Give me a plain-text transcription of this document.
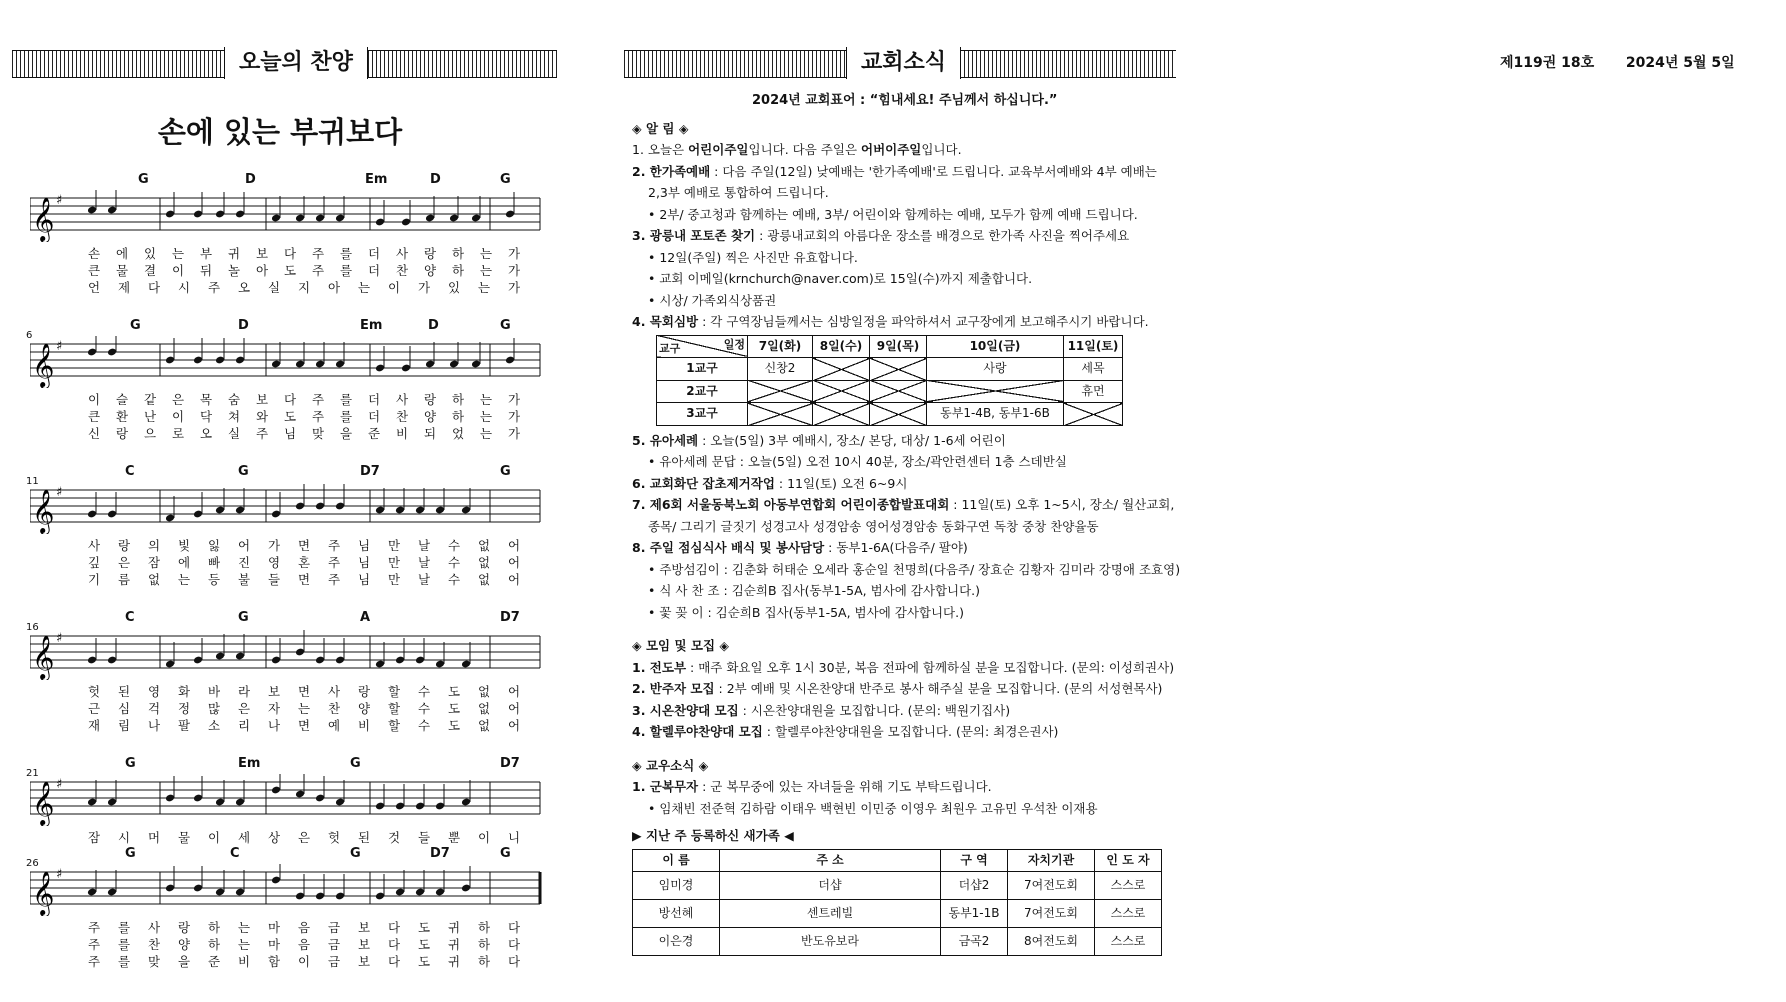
제119권 18호 2024년 5월 5일
오늘의 찬양	교회소식
손에 있는 부귀보다
G	D	Em	D	G
𝄞 ♯
손 에 있 는 부 귀 보 다 주 를 더 사 랑 하 는 가
큰 물 결 이 뒤 놀 아 도 주 를 더 찬 양 하 는 가
언 제 다 시 주 오 실 지 아 는 이 가 있 는 가
G	D	Em	D	G
6
𝄞 ♯
이 슬 같 은 목 숨 보 다 주 를 더 사 랑 하 는 가
큰 환 난 이 닥 쳐 와 도 주 를 더 찬 양 하 는 가
신 랑 으 로 오 실 주 님 맞 을 준 비 되 었 는 가
C	G	D7	G
11
𝄞 ♯
사 랑 의 빛 잃 어 가 면 주 님 만 날 수 없 어
깊 은 잠 에 빠 진 영 혼 주 님 만 날 수 없 어
기 름 없 는 등 불 들 면 주 님 만 날 수 없 어
C	G	A	D7
16
𝄞 ♯
헛 된 영 화 바 라 보 면 사 랑 할 수 도 없 어
근 심 걱 정 많 은 자 는 찬 양 할 수 도 없 어
재 림 나 팔 소 리 나 면 예 비 할 수 도 없 어
G	Em	G	D7
21
𝄞 ♯
잠 시 머 물 이 세 상 은 헛 된 것 들 뿐 이 니
G	C	G	D7	G
26
𝄞 ♯
주 를 사 랑 하 는 마 음 금 보 다 도 귀 하 다
주 를 찬 양 하 는 마 음 금 보 다 도 귀 하 다
주 를 맞 을 준 비 함 이 금 보 다 도 귀 하 다
2024년 교회표어 : “힘내세요! 주님께서 하십니다.”
◈ 알 림 ◈
1. 오늘은 어린이주일입니다. 다음 주일은 어버이주일입니다.
2. 한가족예배 : 다음 주일(12일) 낮예배는 '한가족예배'로 드립니다. 교육부서예배와 4부 예배는
2,3부 예배로 통합하여 드립니다.
• 2부/ 중고청과 함께하는 예배, 3부/ 어린이와 함께하는 예배, 모두가 함께 예배 드립니다.
3. 광릉내 포토존 찾기 : 광릉내교회의 아름다운 장소를 배경으로 한가족 사진을 찍어주세요
• 12일(주일) 찍은 사진만 유효합니다.
• 교회 이메일(krnchurch@naver.com)로 15일(수)까지 제출합니다.
• 시상/ 가족외식상품권
4. 목회심방 : 각 구역장님들께서는 심방일정을 파악하셔서 교구장에게 보고해주시기 바랍니다.
일정
교구	7일(화)	8일(수)	9일(목)	10일(금)	11일(토)
1교구	신창2			사랑	세목
2교구					휴먼
3교구				동부1-4B, 동부1-6B	
5. 유아세례 : 오늘(5일) 3부 예배시, 장소/ 본당, 대상/ 1-6세 어린이
• 유아세례 문답 : 오늘(5일) 오전 10시 40분, 장소/곽안련센터 1층 스데반실
6. 교회화단 잡초제거작업 : 11일(토) 오전 6~9시
7. 제6회 서울동북노회 아동부연합회 어린이종합발표대회 : 11일(토) 오후 1~5시, 장소/ 월산교회,
종목/ 그리기 글짓기 성경고사 성경암송 영어성경암송 동화구연 독창 중창 찬양율동
8. 주일 점심식사 배식 및 봉사담당 : 동부1-6A(다음주/ 팔야)
• 주방섬김이 : 김춘화 허태순 오세라 홍순일 천명희(다음주/ 장효순 김황자 김미라 강명애 조효영)
• 식 사 찬 조 : 김순희B 집사(동부1-5A, 범사에 감사합니다.)
• 꽃 꽂 이 : 김순희B 집사(동부1-5A, 범사에 감사합니다.)
◈ 모임 및 모집 ◈
1. 전도부 : 매주 화요일 오후 1시 30분, 복음 전파에 함께하실 분을 모집합니다. (문의: 이성희권사)
2. 반주자 모집 : 2부 예배 및 시온찬양대 반주로 봉사 해주실 분을 모집합니다. (문의 서성현목사)
3. 시온찬양대 모집 : 시온찬양대원을 모집합니다. (문의: 백원기집사)
4. 할렐루야찬양대 모집 : 할렐루야찬양대원을 모집합니다. (문의: 최경은권사)
◈ 교우소식 ◈
1. 군복무자 : 군 복무중에 있는 자녀들을 위해 기도 부탁드립니다.
• 임채빈 전준혁 김하람 이태우 백현빈 이민중 이영우 최원우 고유민 우석찬 이재용
▶ 지난 주 등록하신 새가족 ◀
이 름	주 소	구 역	자치기관	인 도 자
임미경	더샵	더샵2	7여전도회	스스로
방선혜	센트레빌	동부1-1B	7여전도회	스스로
이은경	반도유보라	금곡2	8여전도회	스스로
